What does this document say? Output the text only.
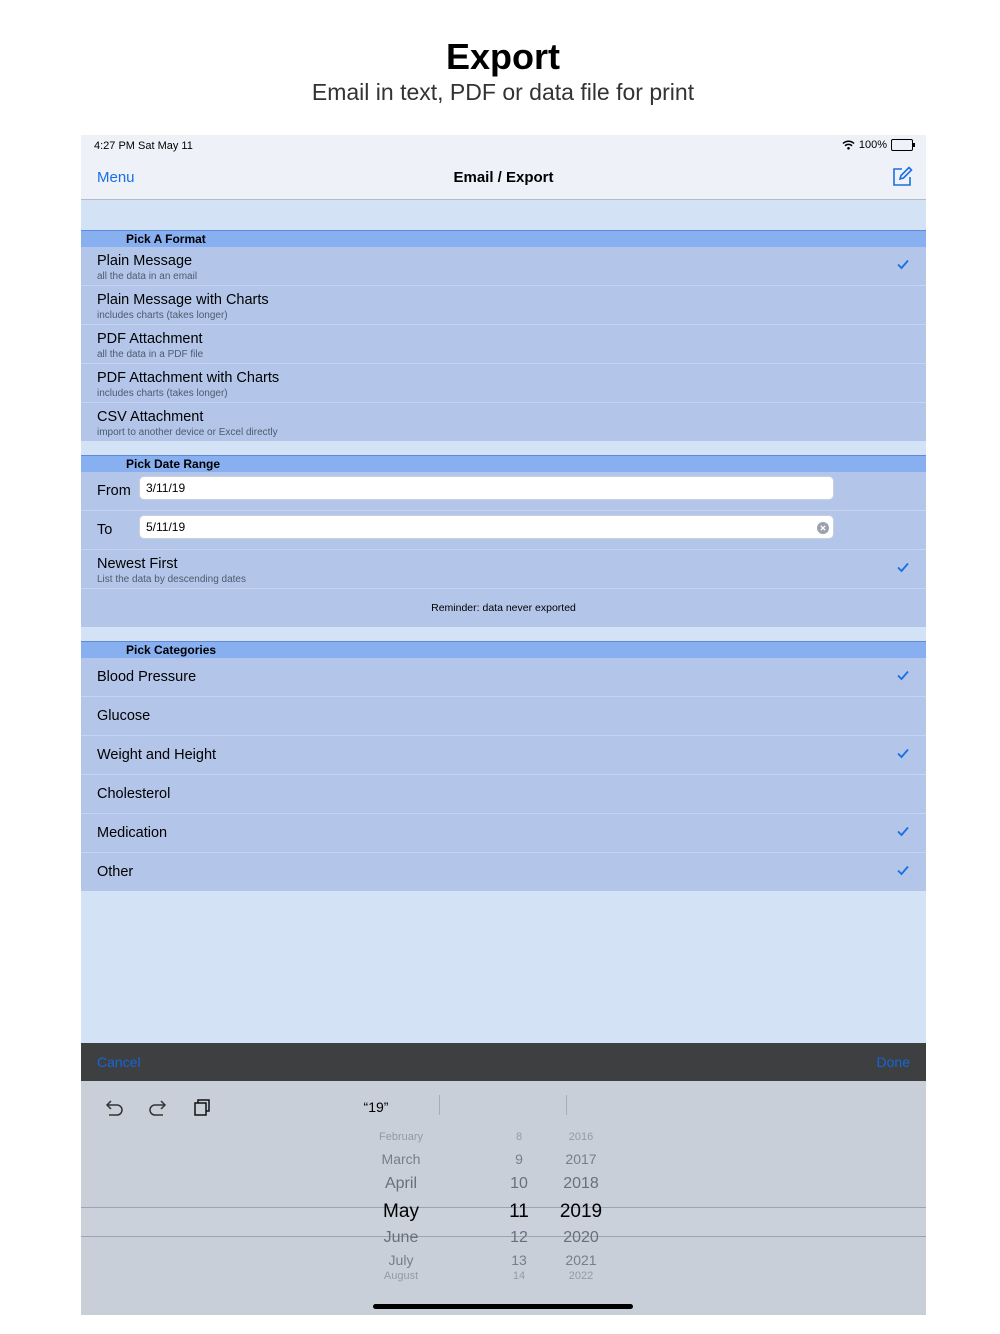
Export
Email in text, PDF or data file for print
4:27 PM Sat May 11	100%
Menu	Email / Export
Pick A Format
Plain Message
all the data in an email
Plain Message with Charts
includes charts (takes longer)
PDF Attachment
all the data in a PDF file
PDF Attachment with Charts
includes charts (takes longer)
CSV Attachment
import to another device or Excel directly
Pick Date Range
From
3/11/19
To
5/11/19
Newest First
List the data by descending dates
Reminder: data never exported
Pick Categories
Blood Pressure
Glucose
Weight and Height
Cholesterol
Medication
Other
Cancel	Done
“19”
February
March
April
May
June
July
August
8
9
10
11
12
13
14
2016
2017
2018
2019
2020
2021
2022
